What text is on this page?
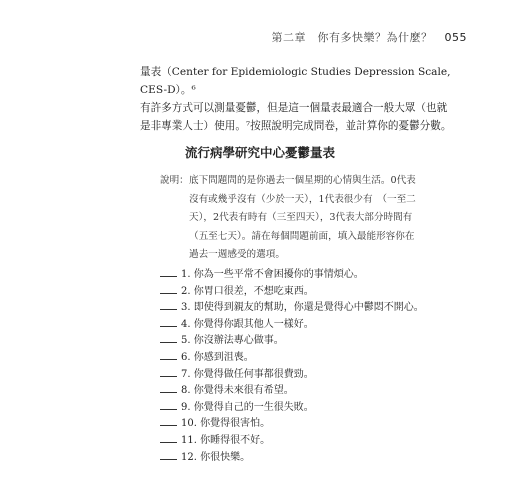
第二章　你有多快樂？為什麼？ 055

量表（Center for Epidemiologic Studies Depression Scale, CES-D）。⁶

有許多方式可以測量憂鬱，但是這一個量表最適合一般大眾（也就

是非專業人士）使用。⁷按照說明完成問卷，並計算你的憂鬱分數。

流行病學研究中心憂鬱量表
說明： 底下問題問的是你過去一個星期的心情與生活。0代表
沒有或幾乎沒有（少於一天），1代表很少有　（一至二
天），2代表有時有（三至四天），3代表大部分時間有
（五至七天）。請在每個問題前面，填入最能形容你在
過去一週感受的選項。
1. 你為一些平常不會困擾你的事情煩心。
2. 你胃口很差，不想吃東西。
3. 即使得到親友的幫助，你還是覺得心中鬱悶不開心。
4. 你覺得你跟其他人一樣好。
5. 你沒辦法專心做事。
6. 你感到沮喪。
7. 你覺得做任何事都很費勁。
8. 你覺得未來很有希望。
9. 你覺得自己的一生很失敗。
10. 你覺得很害怕。
11. 你睡得很不好。
12. 你很快樂。
